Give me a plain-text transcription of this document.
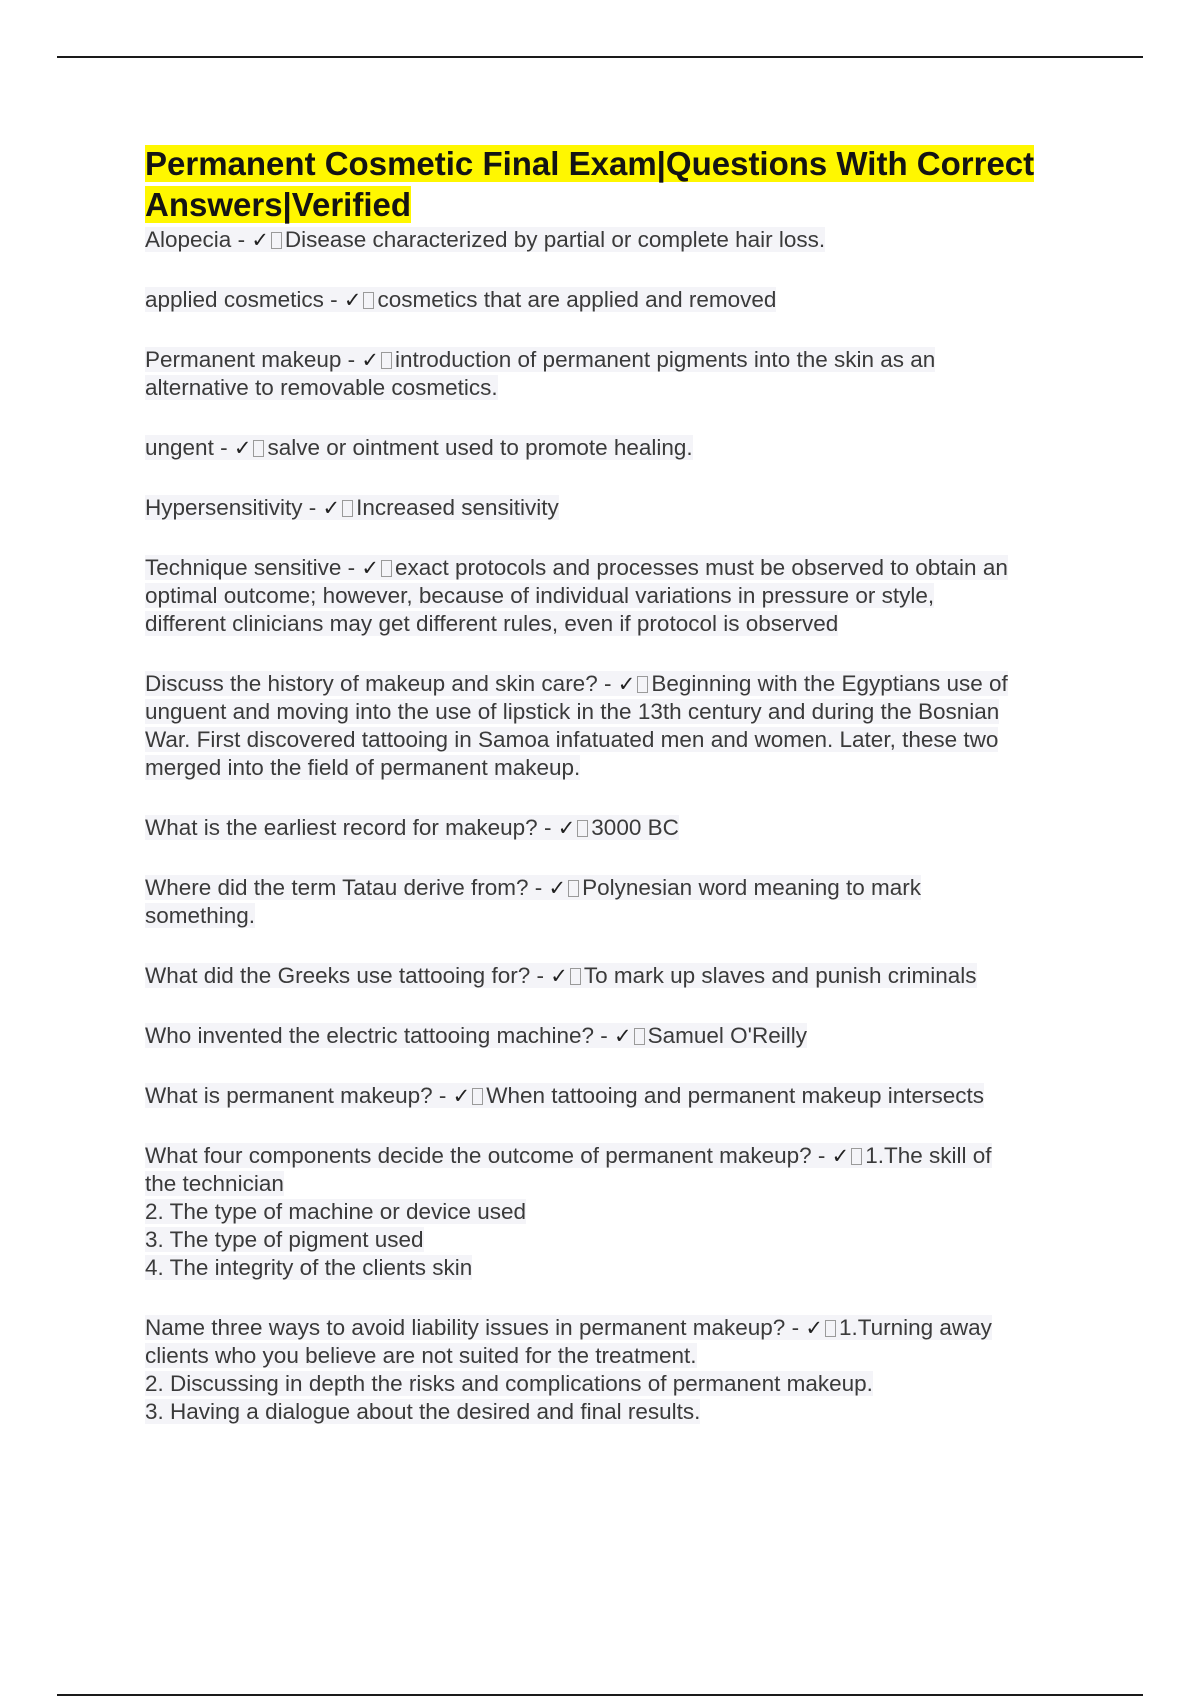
Permanent Cosmetic Final Exam|Questions With Correct Answers|Verified
Alopecia - ✓ Disease characterized by partial or complete hair loss.
applied cosmetics - ✓ cosmetics that are applied and removed
Permanent makeup - ✓ introduction of permanent pigments into the skin as an
alternative to removable cosmetics.
ungent - ✓ salve or ointment used to promote healing.
Hypersensitivity - ✓ Increased sensitivity
Technique sensitive - ✓ exact protocols and processes must be observed to obtain an
optimal outcome; however, because of individual variations in pressure or style,
different clinicians may get different rules, even if protocol is observed
Discuss the history of makeup and skin care? - ✓ Beginning with the Egyptians use of
unguent and moving into the use of lipstick in the 13th century and during the Bosnian
War. First discovered tattooing in Samoa infatuated men and women. Later, these two
merged into the field of permanent makeup.
What is the earliest record for makeup? - ✓ 3000 BC
Where did the term Tatau derive from? - ✓ Polynesian word meaning to mark
something.
What did the Greeks use tattooing for? - ✓ To mark up slaves and punish criminals
Who invented the electric tattooing machine? - ✓ Samuel O'Reilly
What is permanent makeup? - ✓ When tattooing and permanent makeup intersects
What four components decide the outcome of permanent makeup? - ✓ 1.The skill of
the technician
2. The type of machine or device used
3. The type of pigment used
4. The integrity of the clients skin
Name three ways to avoid liability issues in permanent makeup? - ✓ 1.Turning away
clients who you believe are not suited for the treatment.
2. Discussing in depth the risks and complications of permanent makeup.
3. Having a dialogue about the desired and final results.
